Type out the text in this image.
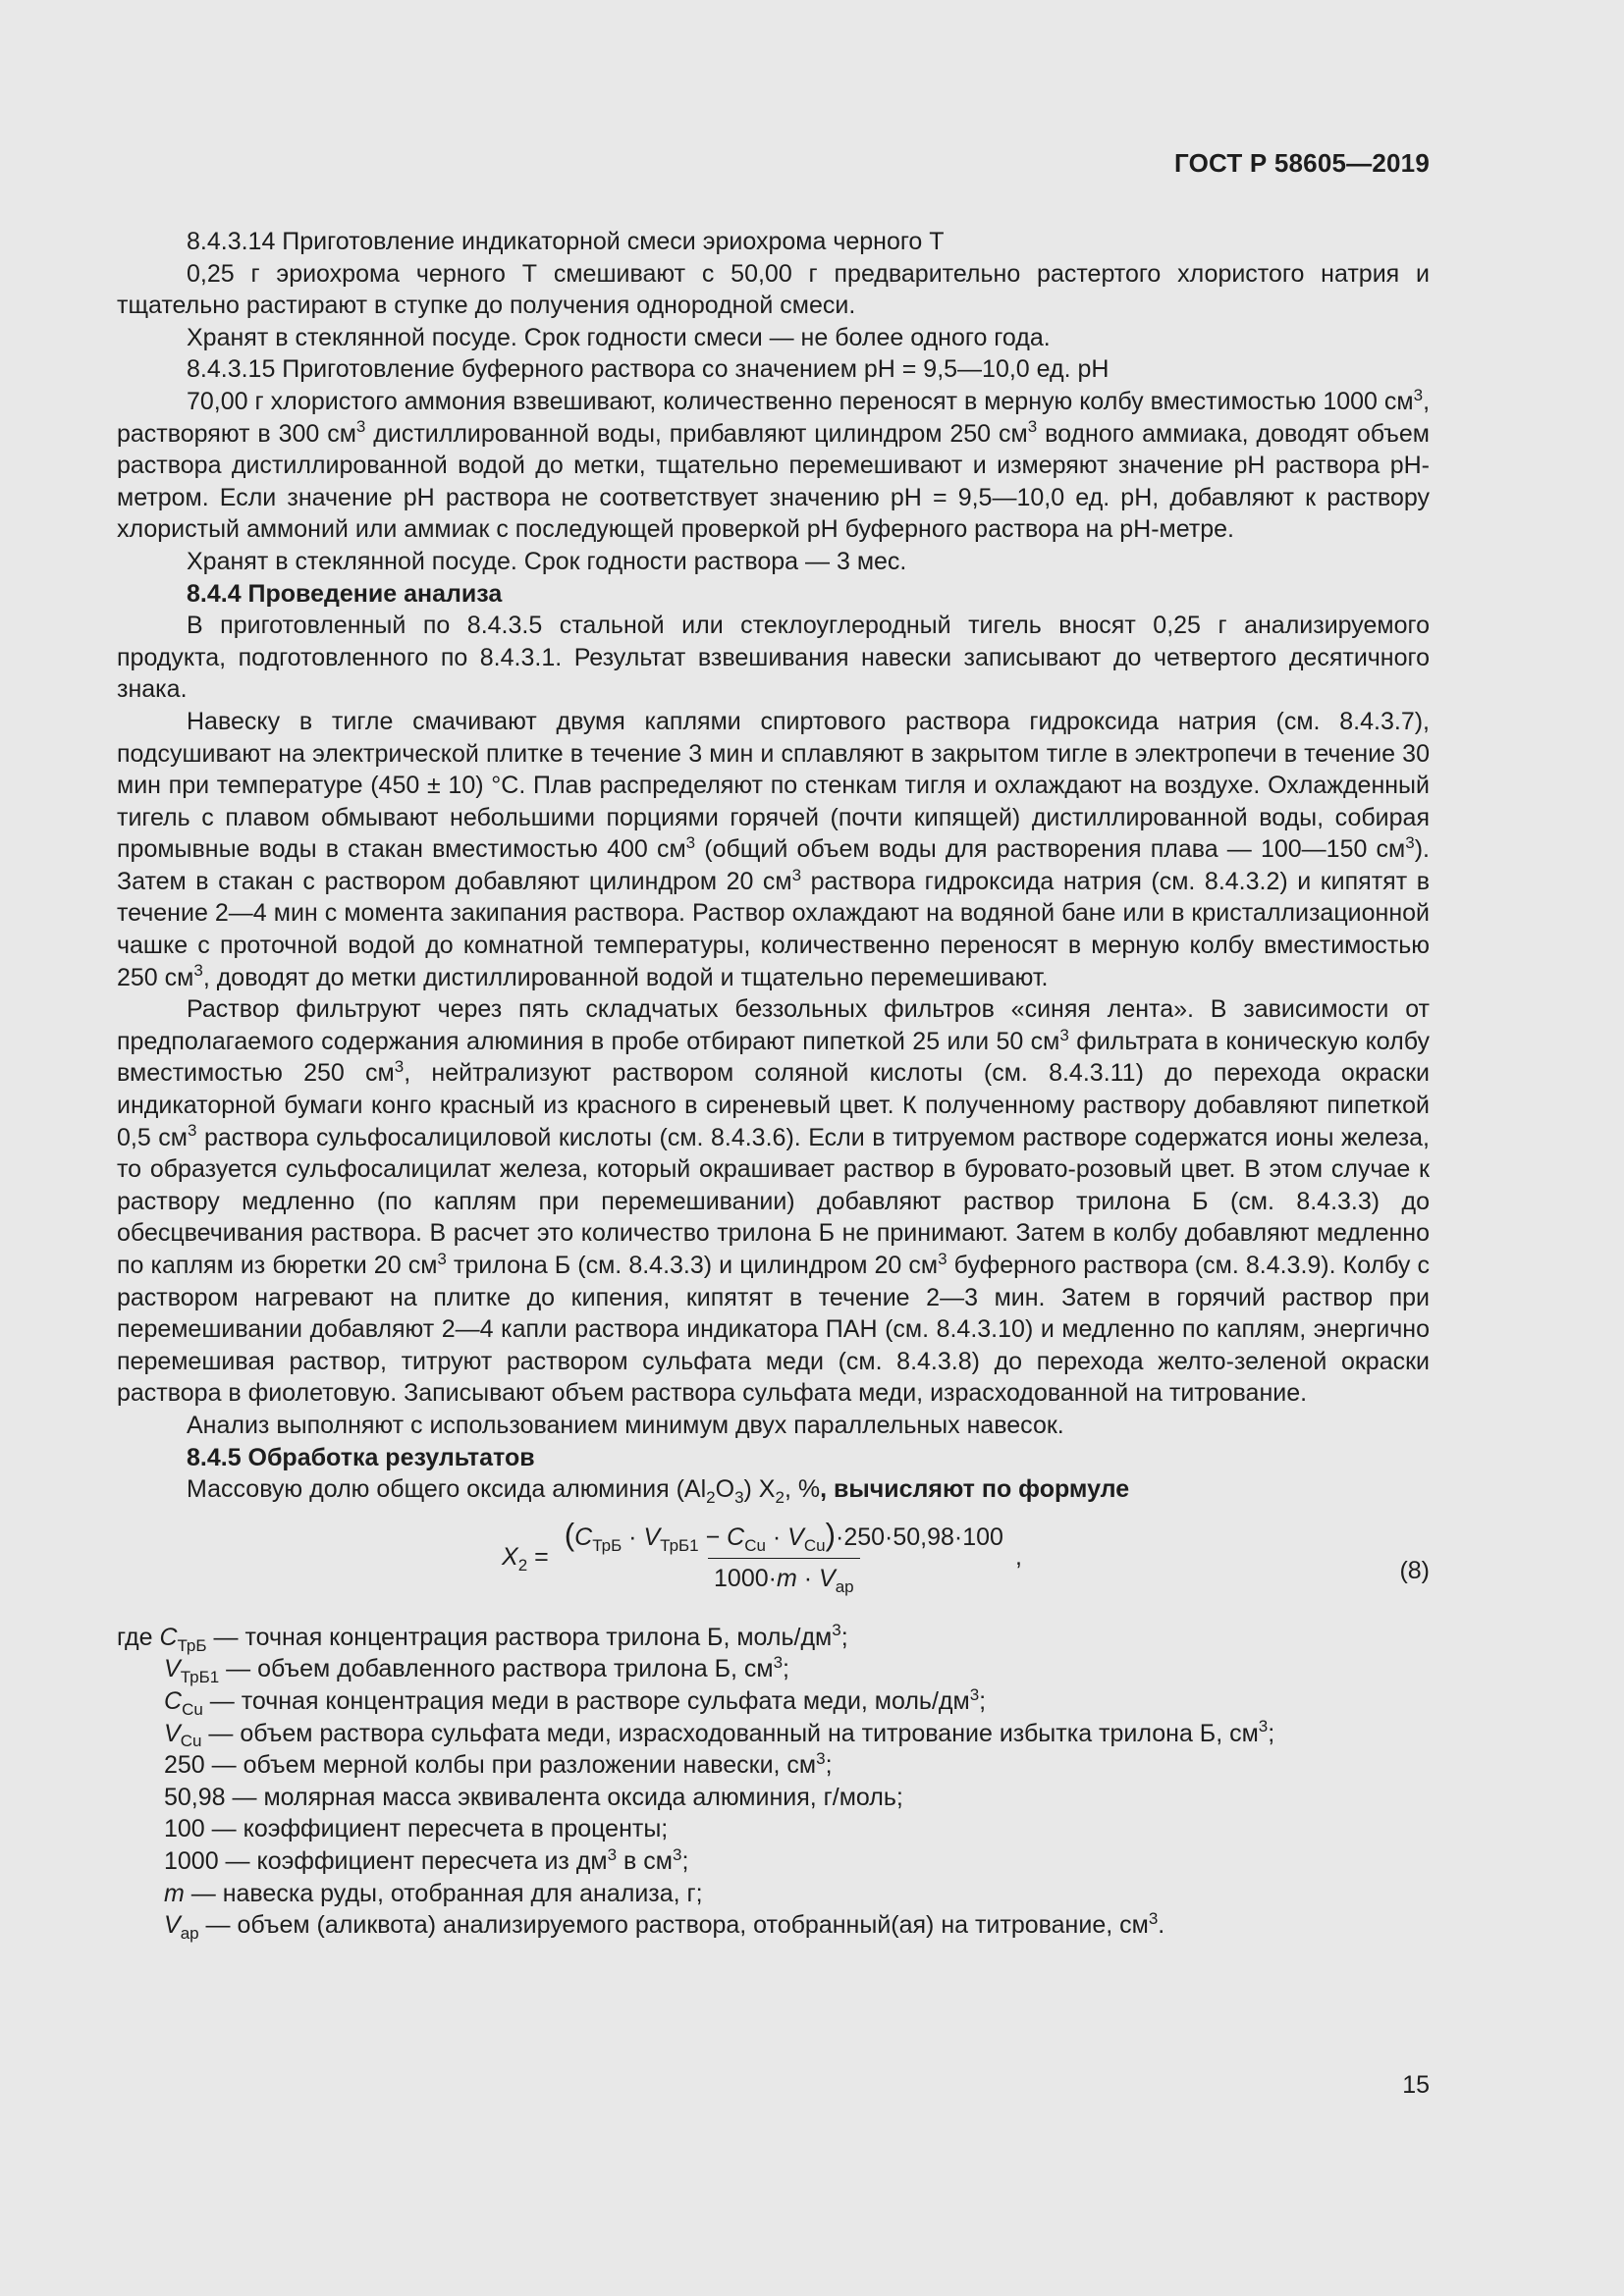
ГОСТ Р 58605—2019

8.4.3.14 Приготовление индикаторной смеси эриохрома черного Т

0,25 г эриохрома черного Т смешивают с 50,00 г предварительно растертого хлористого натрия и тщательно растирают в ступке до получения однородной смеси.

Хранят в стеклянной посуде. Срок годности смеси — не более одного года.

8.4.3.15 Приготовление буферного раствора со значением pH = 9,5—10,0 ед. pH

70,00 г хлористого аммония взвешивают, количественно переносят в мерную колбу вместимостью 1000 $см^3$, растворяют в 300 $см^3$ дистиллированной воды, прибавляют цилиндром 250 $см^3$ водного аммиака, доводят объем раствора дистиллированной водой до метки, тщательно перемешивают и измеряют значение pH раствора pH-метром. Если значение pH раствора не соответствует значению pH = 9,5—10,0 ед. pH, добавляют к раствору хлористый аммоний или аммиак с последующей проверкой pH буферного раствора на pH-метре.

Хранят в стеклянной посуде. Срок годности раствора — 3 мес.

8.4.4 Проведение анализа

В приготовленный по 8.4.3.5 стальной или стеклоуглеродный тигель вносят 0,25 г анализируемого продукта, подготовленного по 8.4.3.1. Результат взвешивания навески записывают до четвертого десятичного знака.

Навеску в тигле смачивают двумя каплями спиртового раствора гидроксида натрия (см. 8.4.3.7), подсушивают на электрической плитке в течение 3 мин и сплавляют в закрытом тигле в электропечи в течение 30 мин при температуре (450 ± 10) °С. Плав распределяют по стенкам тигля и охлаждают на воздухе. Охлажденный тигель с плавом обмывают небольшими порциями горячей (почти кипящей) дистиллированной воды, собирая промывные воды в стакан вместимостью 400 $см^3$ (общий объем воды для растворения плава — 100—150 $см^3$). Затем в стакан с раствором добавляют цилиндром 20 $см^3$ раствора гидроксида натрия (см. 8.4.3.2) и кипятят в течение 2—4 мин с момента закипания раствора. Раствор охлаждают на водяной бане или в кристаллизационной чашке с проточной водой до комнатной температуры, количественно переносят в мерную колбу вместимостью 250 $см^3$, доводят до метки дистиллированной водой и тщательно перемешивают.

Раствор фильтруют через пять складчатых беззольных фильтров «синяя лента». В зависимости от предполагаемого содержания алюминия в пробе отбирают пипеткой 25 или 50 $см^3$ фильтрата в коническую колбу вместимостью 250 $см^3$, нейтрализуют раствором соляной кислоты (см. 8.4.3.11) до перехода окраски индикаторной бумаги конго красный из красного в сиреневый цвет. К полученному раствору добавляют пипеткой 0,5 $см^3$ раствора сульфосалициловой кислоты (см. 8.4.3.6). Если в титруемом растворе содержатся ионы железа, то образуется сульфосалицилат железа, который окрашивает раствор в буровато-розовый цвет. В этом случае к раствору медленно (по каплям при перемешивании) добавляют раствор трилона Б (см. 8.4.3.3) до обесцвечивания раствора. В расчет это количество трилона Б не принимают. Затем в колбу добавляют медленно по каплям из бюретки 20 $см^3$ трилона Б (см. 8.4.3.3) и цилиндром 20 $см^3$ буферного раствора (см. 8.4.3.9). Колбу с раствором нагревают на плитке до кипения, кипятят в течение 2—3 мин. Затем в горячий раствор при перемешивании добавляют 2—4 капли раствора индикатора ПАН (см. 8.4.3.10) и медленно по каплям, энергично перемешивая раствор, титруют раствором сульфата меди (см. 8.4.3.8) до перехода желто-зеленой окраски раствора в фиолетовую. Записывают объем раствора сульфата меди, израсходованной на титрование.

Анализ выполняют с использованием минимум двух параллельных навесок.

8.4.5 Обработка результатов

Массовую долю общего оксида алюминия $(Al_2O_3)$ $X_2$, %, вычисляют по формуле

$X_2 = \frac{(C_{ТрБ} \cdot V_{ТрБ1} - C_{Cu} \cdot V_{Cu})\cdot 250\cdot 50,98\cdot 100}{1000\cdot m \cdot V_{ар}}$ ,	(8)
где $C_{ТрБ}$ — точная концентрация раствора трилона Б, моль/$дм^3$;
$V_{ТрБ1}$ — объем добавленного раствора трилона Б, $см^3$;
$C_{Cu}$ — точная концентрация меди в растворе сульфата меди, моль/$дм^3$;
$V_{Cu}$ — объем раствора сульфата меди, израсходованный на титрование избытка трилона Б, $см^3$;
250 — объем мерной колбы при разложении навески, $см^3$;
50,98 — молярная масса эквивалента оксида алюминия, г/моль;
100 — коэффициент пересчета в проценты;
1000 — коэффициент пересчета из $дм^3$ в $см^3$;
m — навеска руды, отобранная для анализа, г;
$V_{ар}$ — объем (аликвота) анализируемого раствора, отобранный(ая) на титрование, $см^3$.
15
